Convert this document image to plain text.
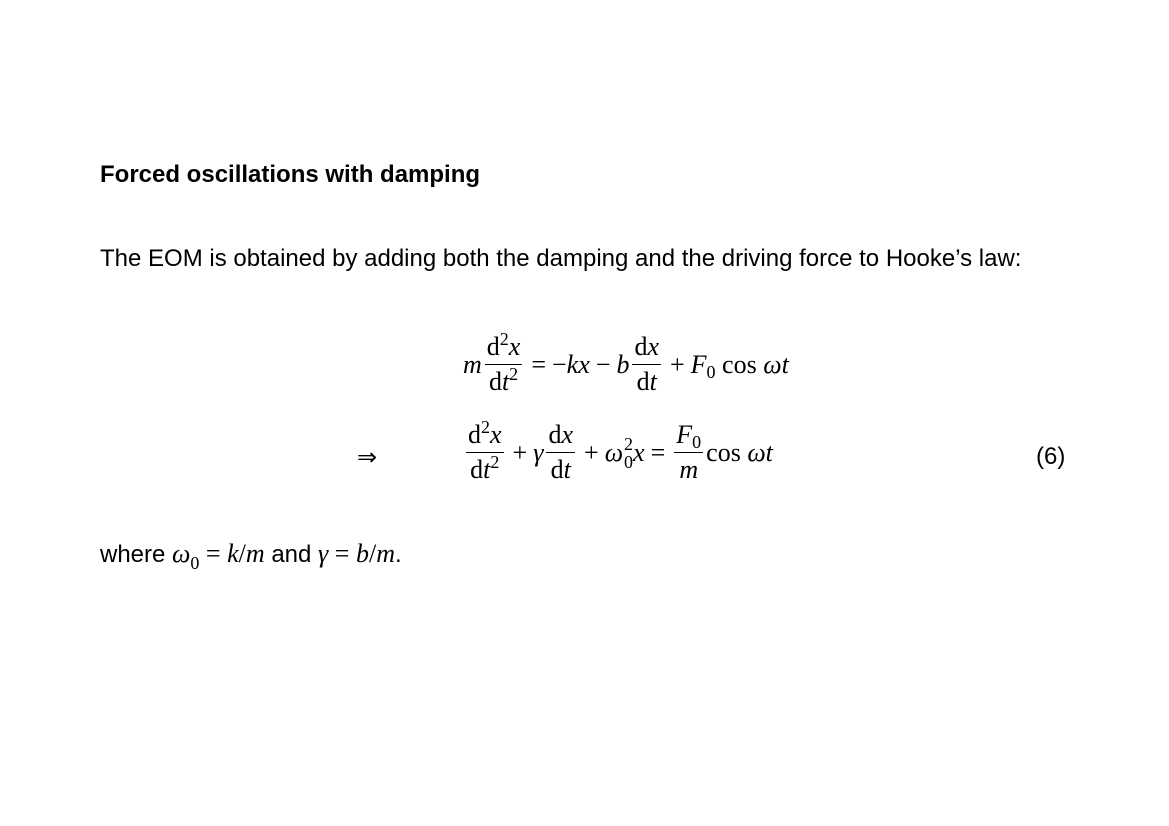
Forced oscillations with damping
The EOM is obtained by adding both the damping and the driving force to Hooke’s law:
m $\frac{d^2x}{dt^2} = -kx - b \frac{dx}{dt} + F$ 0 cos ωt
⇒	$\frac{d^2x}{dt^2} + \gamma \frac{dx}{dt} + \omega$ 2
0 $x = \frac{F0}{m}$ cos ωt	(6)
where $\omega_0 = k/m$ and γ = b/m.
